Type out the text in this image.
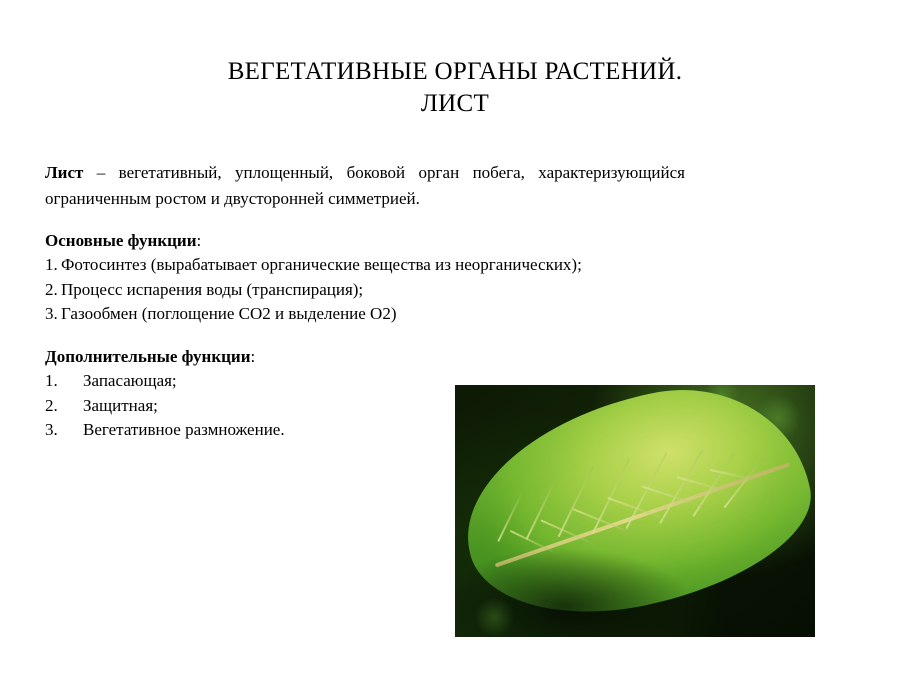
ВЕГЕТАТИВНЫЕ ОРГАНЫ РАСТЕНИЙ.
ЛИСТ

Лист – вегетативный, уплощенный, боковой орган побега, характеризующийся ограниченным ростом и двусторонней симметрией.

Основные функции:

1. Фотосинтез (вырабатывает органические вещества из неорганических);
2. Процесс испарения воды (транспирация);
3. Газообмен (поглощение СО2 и выделение О2)

Дополнительные функции:

1. Запасающая;
2. Защитная;
3. Вегетативное размножение.
